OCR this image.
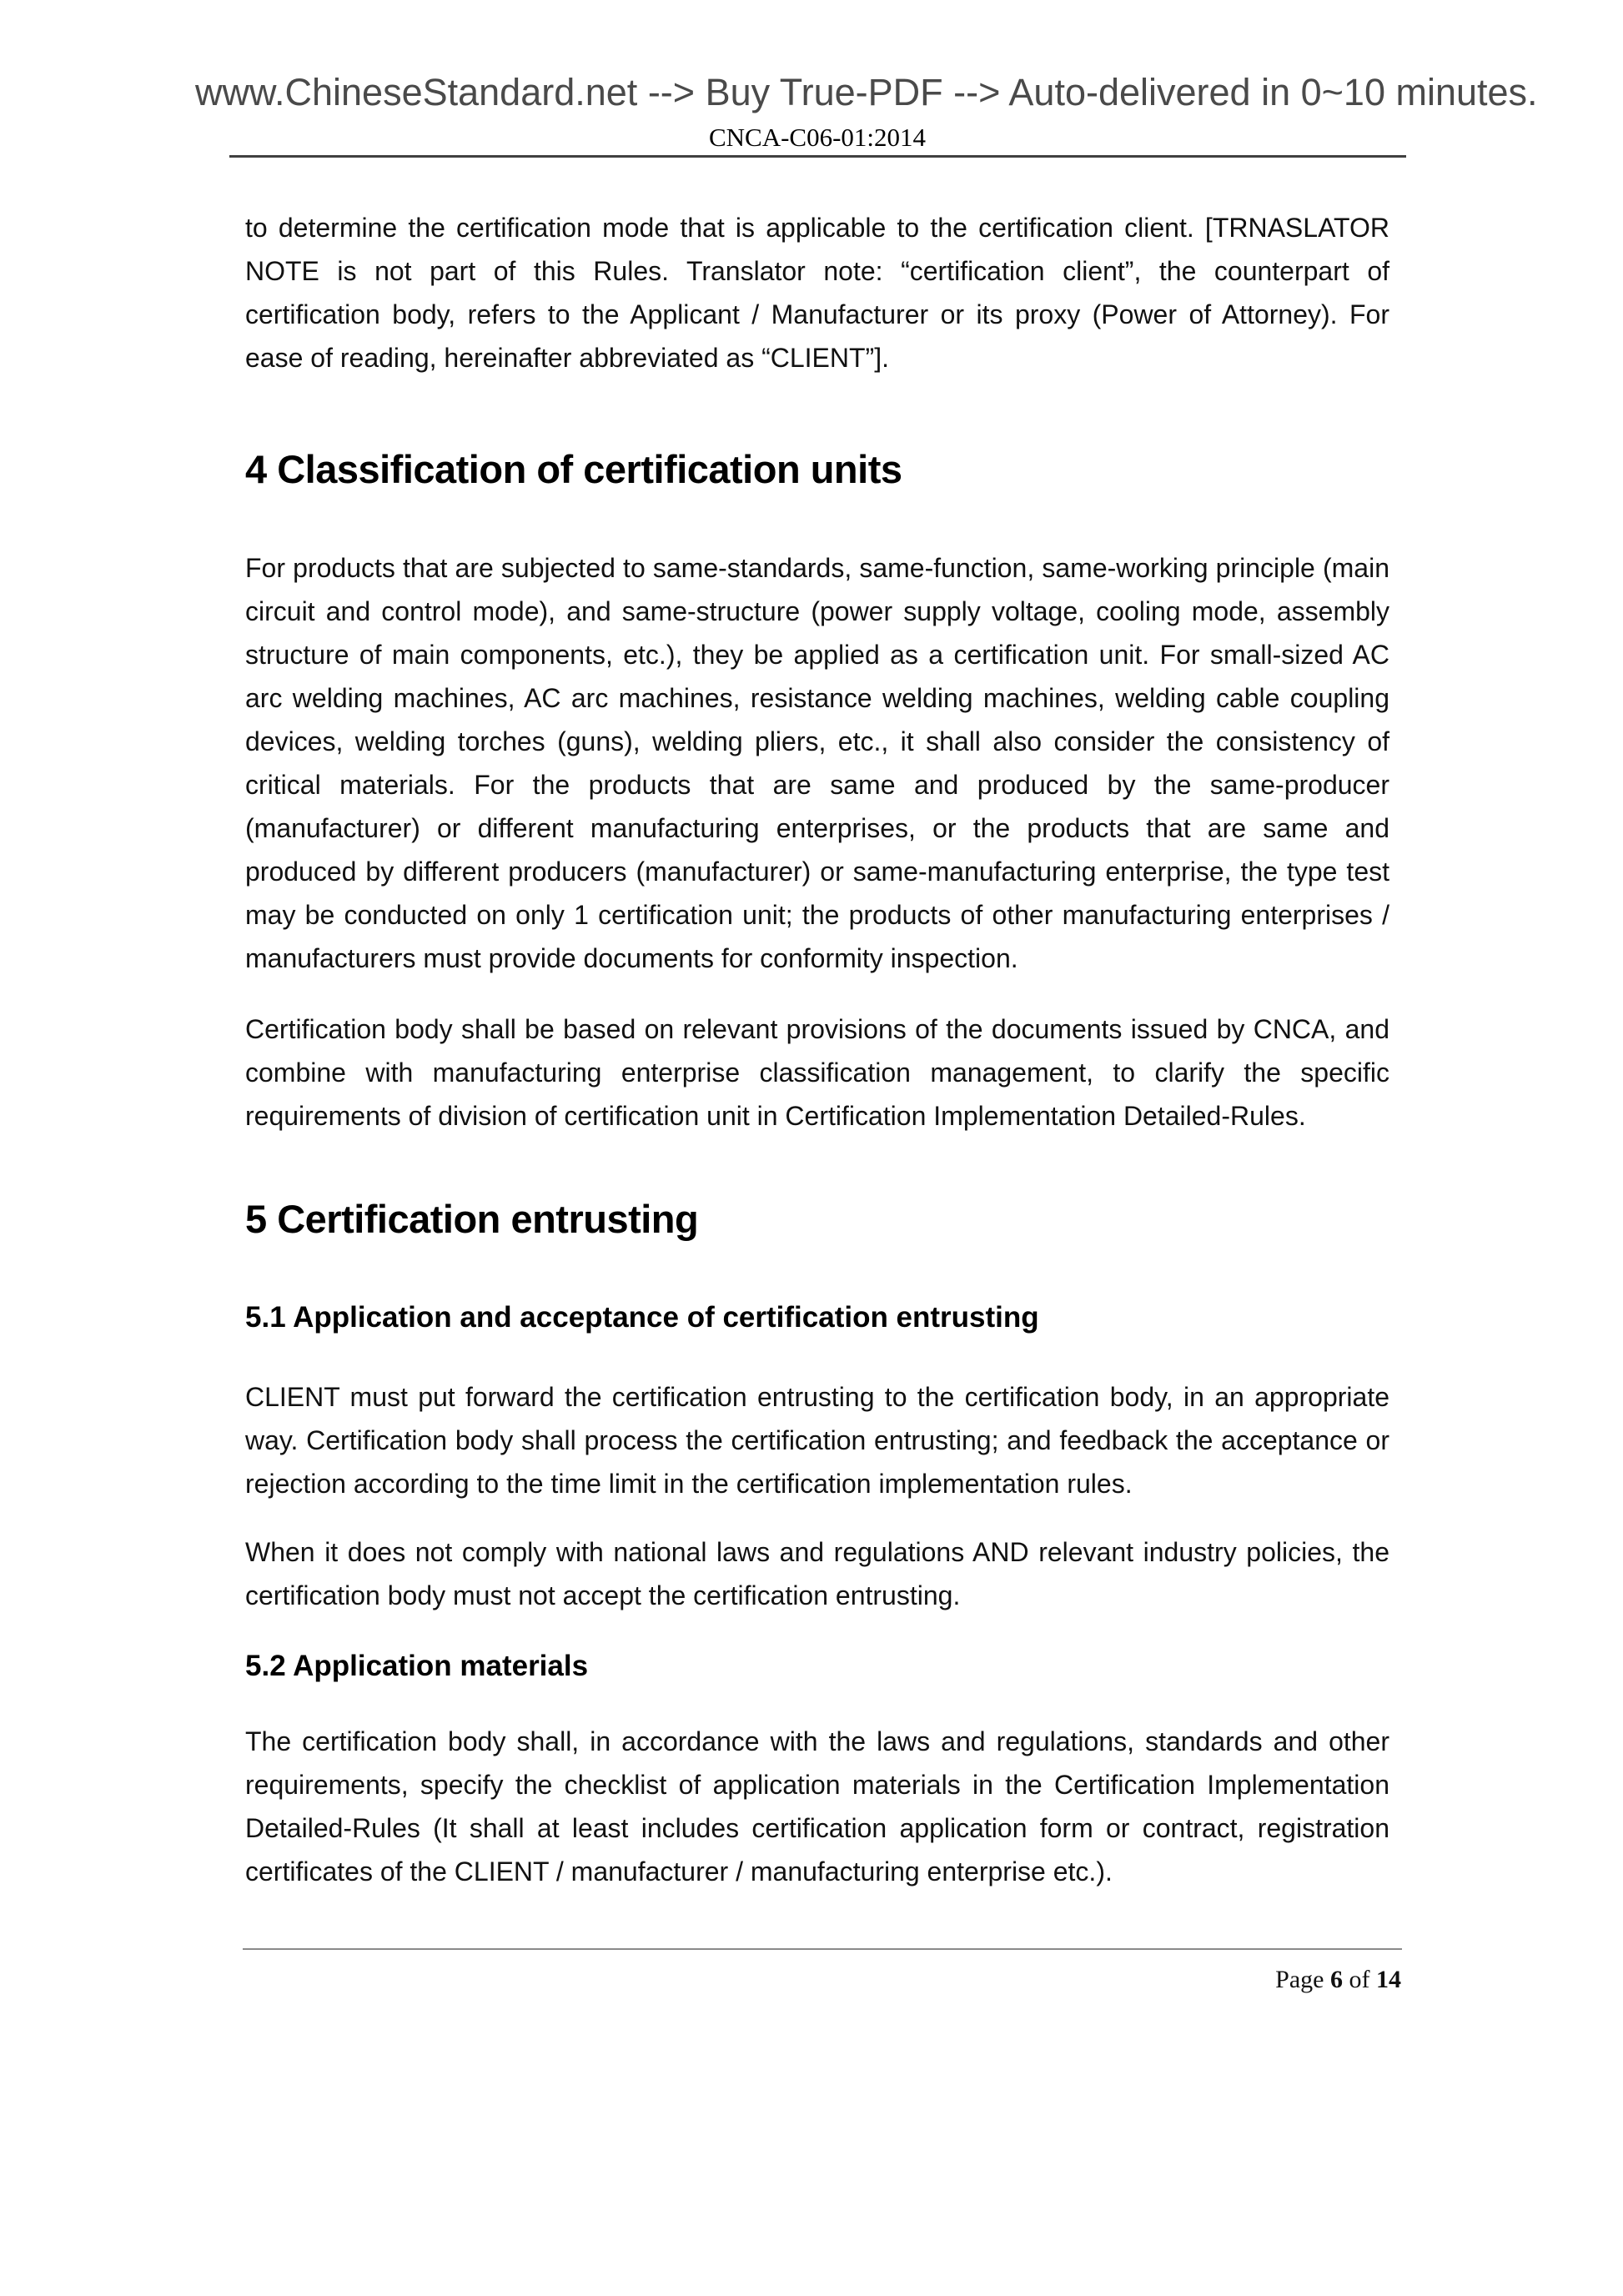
www.ChineseStandard.net --> Buy True-PDF --> Auto-delivered in 0~10 minutes.
CNCA-C06-01:2014

to determine the certification mode that is applicable to the certification client. [TRNASLATOR NOTE is not part of this Rules. Translator note: “certification client”, the counterpart of certification body, refers to the Applicant / Manufacturer or its proxy (Power of Attorney). For ease of reading, hereinafter abbreviated as “CLIENT”].

4 Classification of certification units

For products that are subjected to same-standards, same-function, same-working principle (main circuit and control mode), and same-structure (power supply voltage, cooling mode, assembly structure of main components, etc.), they be applied as a certification unit. For small-sized AC arc welding machines, AC arc machines, resistance welding machines, welding cable coupling devices, welding torches (guns), welding pliers, etc., it shall also consider the consistency of critical materials. For the products that are same and produced by the same-producer (manufacturer) or different manufacturing enterprises, or the products that are same and produced by different producers (manufacturer) or same-manufacturing enterprise, the type test may be conducted on only 1 certification unit; the products of other manufacturing enterprises / manufacturers must provide documents for conformity inspection.

Certification body shall be based on relevant provisions of the documents issued by CNCA, and combine with manufacturing enterprise classification management, to clarify the specific requirements of division of certification unit in Certification Implementation Detailed-Rules.

5 Certification entrusting
5.1 Application and acceptance of certification entrusting

CLIENT must put forward the certification entrusting to the certification body, in an appropriate way. Certification body shall process the certification entrusting; and feedback the acceptance or rejection according to the time limit in the certification implementation rules.

When it does not comply with national laws and regulations AND relevant industry policies, the certification body must not accept the certification entrusting.

5.2 Application materials

The certification body shall, in accordance with the laws and regulations, standards and other requirements, specify the checklist of application materials in the Certification Implementation Detailed-Rules (It shall at least includes certification application form or contract, registration certificates of the CLIENT / manufacturer / manufacturing enterprise etc.).

Page 6 of 14
